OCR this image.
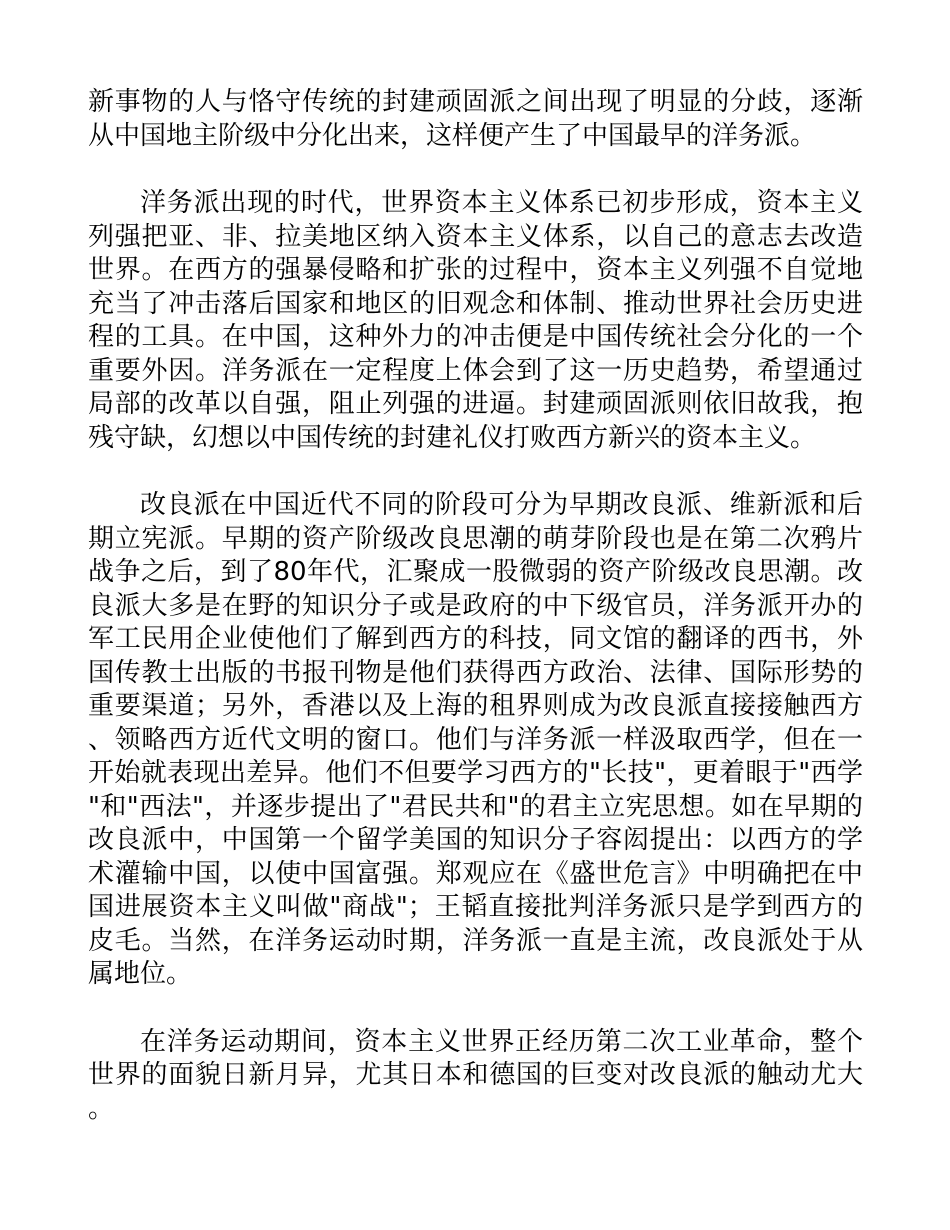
新事物的人与恪守传统的封建顽固派之间出现了明显的分歧，逐渐从中国地主阶级中分化出来，这样便产生了中国最早的洋务派。

洋务派出现的时代，世界资本主义体系已初步形成，资本主义列强把亚、非、拉美地区纳入资本主义体系，以自己的意志去改造世界。在西方的强暴侵略和扩张的过程中，资本主义列强不自觉地充当了冲击落后国家和地区的旧观念和体制、推动世界社会历史进程的工具。在中国，这种外力的冲击便是中国传统社会分化的一个重要外因。洋务派在一定程度上体会到了这一历史趋势，希望通过局部的改革以自强，阻止列强的进逼。封建顽固派则依旧故我，抱残守缺，幻想以中国传统的封建礼仪打败西方新兴的资本主义。

改良派在中国近代不同的阶段可分为早期改良派、维新派和后期立宪派。早期的资产阶级改良思潮的萌芽阶段也是在第二次鸦片战争之后，到了80年代，汇聚成一股微弱的资产阶级改良思潮。改良派大多是在野的知识分子或是政府的中下级官员，洋务派开办的军工民用企业使他们了解到西方的科技，同文馆的翻译的西书，外国传教士出版的书报刊物是他们获得西方政治、法律、国际形势的重要渠道；另外，香港以及上海的租界则成为改良派直接接触西方、领略西方近代文明的窗口。他们与洋务派一样汲取西学，但在一开始就表现出差异。他们不但要学习西方的"长技"，更着眼于"西学"和"西法"，并逐步提出了"君民共和"的君主立宪思想。如在早期的改良派中，中国第一个留学美国的知识分子容闳提出：以西方的学术灌输中国，以使中国富强。郑观应在《盛世危言》中明确把在中国进展资本主义叫做"商战"；王韬直接批判洋务派只是学到西方的皮毛。当然，在洋务运动时期，洋务派一直是主流，改良派处于从属地位。

在洋务运动期间，资本主义世界正经历第二次工业革命，整个世界的面貌日新月异，尤其日本和德国的巨变对改良派的触动尤大。
